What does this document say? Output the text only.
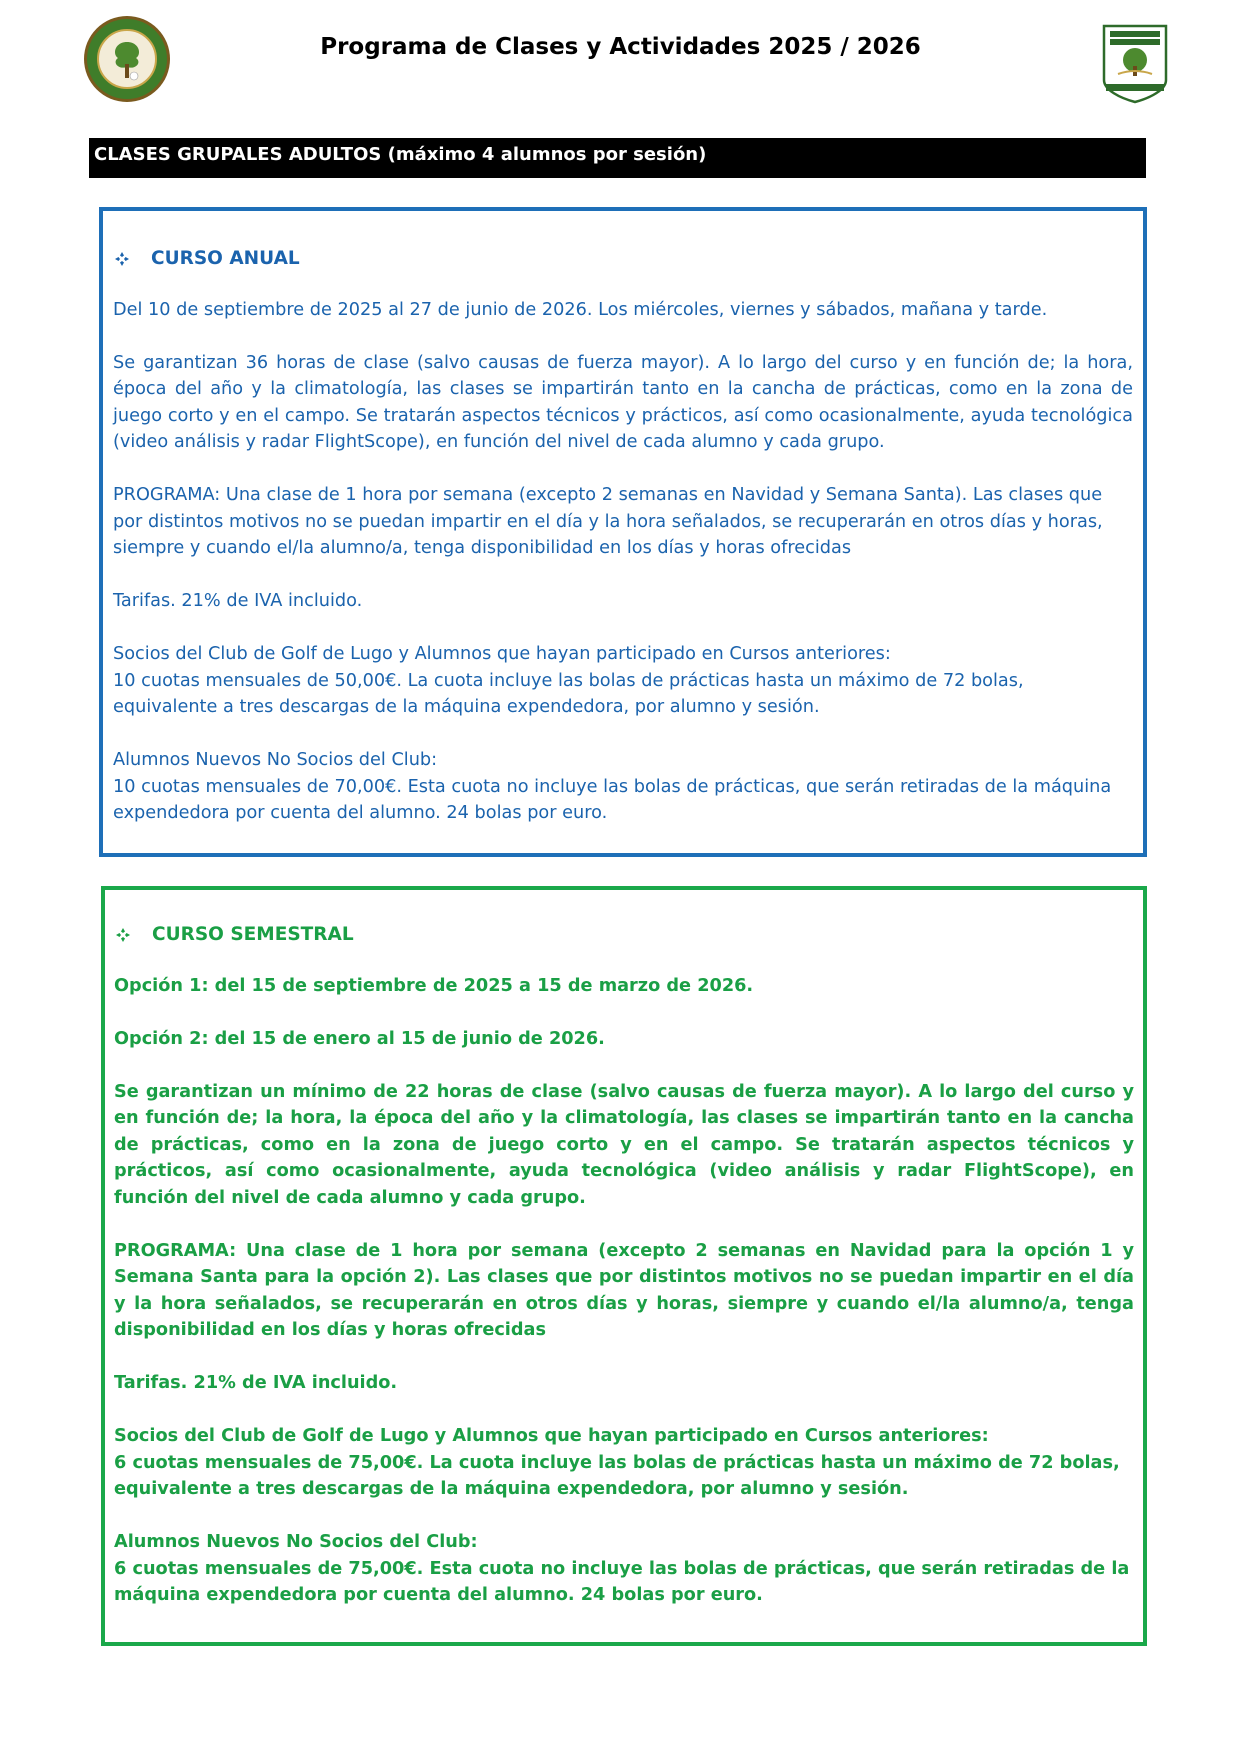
Programa de Clases y Actividades 2025 / 2026
CLASES GRUPALES ADULTOS (máximo 4 alumnos por sesión)
CURSO ANUAL

Del 10 de septiembre de 2025 al 27 de junio de 2026. Los miércoles, viernes y sábados, mañana y tarde.

Se garantizan 36 horas de clase (salvo causas de fuerza mayor). A lo largo del curso y en función de; la hora, época del año y la climatología, las clases se impartirán tanto en la cancha de prácticas, como en la zona de juego corto y en el campo. Se tratarán aspectos técnicos y prácticos, así como ocasionalmente, ayuda tecnológica (video análisis y radar FlightScope), en función del nivel de cada alumno y cada grupo.

PROGRAMA: Una clase de 1 hora por semana (excepto 2 semanas en Navidad y Semana Santa). Las clases que por distintos motivos no se puedan impartir en el día y la hora señalados, se recuperarán en otros días y horas, siempre y cuando el/la alumno/a, tenga disponibilidad en los días y horas ofrecidas

Tarifas. 21% de IVA incluido.

Socios del Club de Golf de Lugo y Alumnos que hayan participado en Cursos anteriores:
10 cuotas mensuales de 50,00€. La cuota incluye las bolas de prácticas hasta un máximo de 72 bolas, equivalente a tres descargas de la máquina expendedora, por alumno y sesión.

Alumnos Nuevos No Socios del Club:
10 cuotas mensuales de 70,00€. Esta cuota no incluye las bolas de prácticas, que serán retiradas de la máquina expendedora por cuenta del alumno. 24 bolas por euro.

CURSO SEMESTRAL

Opción 1: del 15 de septiembre de 2025 a 15 de marzo de 2026.

Opción 2: del 15 de enero al 15 de junio de 2026.

Se garantizan un mínimo de 22 horas de clase (salvo causas de fuerza mayor). A lo largo del curso y en función de; la hora, la época del año y la climatología, las clases se impartirán tanto en la cancha de prácticas, como en la zona de juego corto y en el campo. Se tratarán aspectos técnicos y prácticos, así como ocasionalmente, ayuda tecnológica (video análisis y radar FlightScope), en función del nivel de cada alumno y cada grupo.

PROGRAMA: Una clase de 1 hora por semana (excepto 2 semanas en Navidad para la opción 1 y Semana Santa para la opción 2). Las clases que por distintos motivos no se puedan impartir en el día y la hora señalados, se recuperarán en otros días y horas, siempre y cuando el/la alumno/a, tenga disponibilidad en los días y horas ofrecidas

Tarifas. 21% de IVA incluido.

Socios del Club de Golf de Lugo y Alumnos que hayan participado en Cursos anteriores:
6 cuotas mensuales de 75,00€. La cuota incluye las bolas de prácticas hasta un máximo de 72 bolas, equivalente a tres descargas de la máquina expendedora, por alumno y sesión.

Alumnos Nuevos No Socios del Club:
6 cuotas mensuales de 75,00€. Esta cuota no incluye las bolas de prácticas, que serán retiradas de la máquina expendedora por cuenta del alumno. 24 bolas por euro.
